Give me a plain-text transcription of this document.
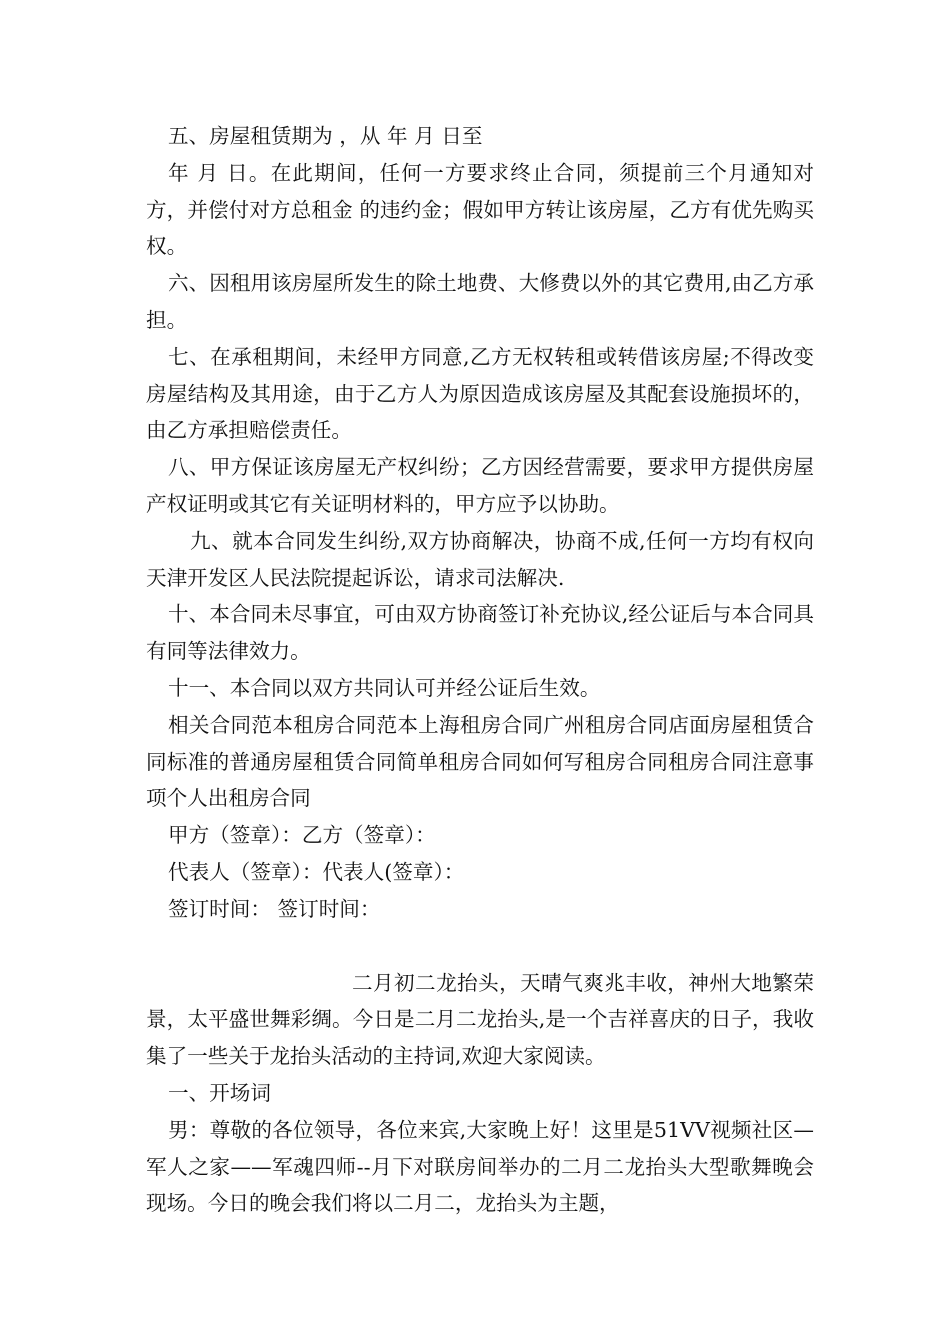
五、房屋租赁期为 ，从 年 月 日至

年 月 日。在此期间，任何一方要求终止合同，须提前三个月通知对方，并偿付对方总租金 的违约金；假如甲方转让该房屋，乙方有优先购买权。

六、因租用该房屋所发生的除土地费、大修费以外的其它费用,由乙方承担。

七、在承租期间，未经甲方同意,乙方无权转租或转借该房屋;不得改变房屋结构及其用途，由于乙方人为原因造成该房屋及其配套设施损坏的，由乙方承担赔偿责任。

八、甲方保证该房屋无产权纠纷；乙方因经营需要，要求甲方提供房屋产权证明或其它有关证明材料的，甲方应予以协助。

九、就本合同发生纠纷,双方协商解决，协商不成,任何一方均有权向天津开发区人民法院提起诉讼，请求司法解决.

十、本合同未尽事宜，可由双方协商签订补充协议,经公证后与本合同具有同等法律效力。

十一、本合同以双方共同认可并经公证后生效。

相关合同范本租房合同范本上海租房合同广州租房合同店面房屋租赁合同标准的普通房屋租赁合同简单租房合同如何写租房合同租房合同注意事项个人出租房合同

甲方（签章）：乙方（签章）：

代表人（签章）：代表人(签章）：

签订时间： 签订时间：

二月初二龙抬头，天晴气爽兆丰收，神州大地繁荣景，太平盛世舞彩绸。今日是二月二龙抬头,是一个吉祥喜庆的日子，我收集了一些关于龙抬头活动的主持词,欢迎大家阅读。

一、开场词

男：尊敬的各位领导，各位来宾,大家晚上好！这里是51VV视频社区—军人之家——军魂四师--月下对联房间举办的二月二龙抬头大型歌舞晚会现场。今日的晚会我们将以二月二，龙抬头为主题，
